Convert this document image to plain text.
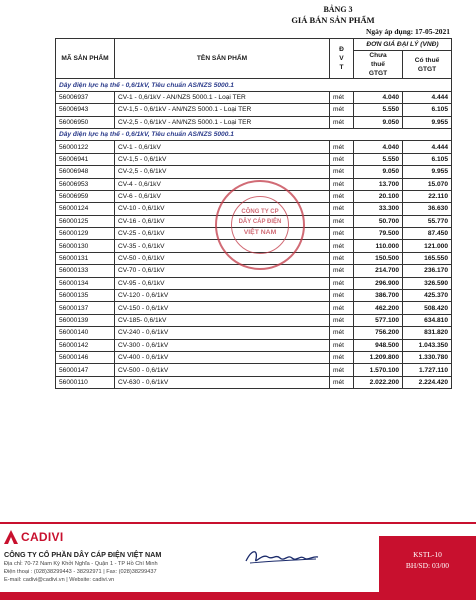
BẢNG 3
GIÁ BÁN SẢN PHẨM
Ngày áp dụng: 17-05-2021
MÃ SẢN PHẨM	TÊN SẢN PHẨM	Đ V T	ĐƠN GIÁ ĐẠI LÝ (VNĐ)	
			Chưa thuế GTGT	Có thuế GTGT
Dây điện lực hạ thế - 0,6/1kV, Tiêu chuẩn AS/NZS 5000.1				
56006937	CV-1 - 0,6/1kV - AN/NZS 5000.1 - Loại TER	mét	4.040	4.444
56006943	CV-1,5 - 0,6/1kV - AN/NZS 5000.1 - Loại TER	mét	5.550	6.105
56006950	CV-2,5 - 0,6/1kV - AN/NZS 5000.1 - Loại TER	mét	9.050	9.955
Dây điện lực hạ thế - 0,6/1kV, Tiêu chuẩn AS/NZS 5000.1				
56000122	CV-1 - 0,6/1kV	mét	4.040	4.444
56006941	CV-1,5 - 0,6/1kV	mét	5.550	6.105
56006948	CV-2,5 - 0,6/1kV	mét	9.050	9.955
56006953	CV-4 - 0,6/1kV	mét	13.700	15.070
56006959	CV-6 - 0,6/1kV	mét	20.100	22.110
56000124	CV-10 - 0,6/1kV	mét	33.300	36.630
56000125	CV-16 - 0,6/1kV	mét	50.700	55.770
56000129	CV-25 - 0,6/1kV	mét	79.500	87.450
56000130	CV-35 - 0,6/1kV	mét	110.000	121.000
56000131	CV-50 - 0,6/1kV	mét	150.500	165.550
56000133	CV-70 - 0,6/1kV	mét	214.700	236.170
56000134	CV-95 - 0,6/1kV	mét	296.900	326.590
56000135	CV-120 - 0,6/1kV	mét	386.700	425.370
56000137	CV-150 - 0,6/1kV	mét	462.200	508.420
56000139	CV-185- 0,6/1kV	mét	577.100	634.810
56000140	CV-240 - 0,6/1kV	mét	756.200	831.820
56000142	CV-300 - 0,6/1kV	mét	948.500	1.043.350
56000146	CV-400 - 0,6/1kV	mét	1.209.800	1.330.780
56000147	CV-500 - 0,6/1kV	mét	1.570.100	1.727.110
56000110	CV-630 - 0,6/1kV	mét	2.022.200	2.224.420
CÔNG TY CP
DÂY CÁP ĐIỆN
VIỆT NAM
CADIVI
CÔNG TY CỔ PHẦN DÂY CÁP ĐIỆN VIỆT NAM
Địa chỉ: 70-72 Nam Kỳ Khởi Nghĩa - Quận 1 - TP Hồ Chí Minh
Điện thoại : (028)38299443 - 38292971 | Fax: (028)38299437
E-mail: cadivi@cadivi.vn | Website: cadivi.vn
KSTL-10
BH/SD: 03/00
